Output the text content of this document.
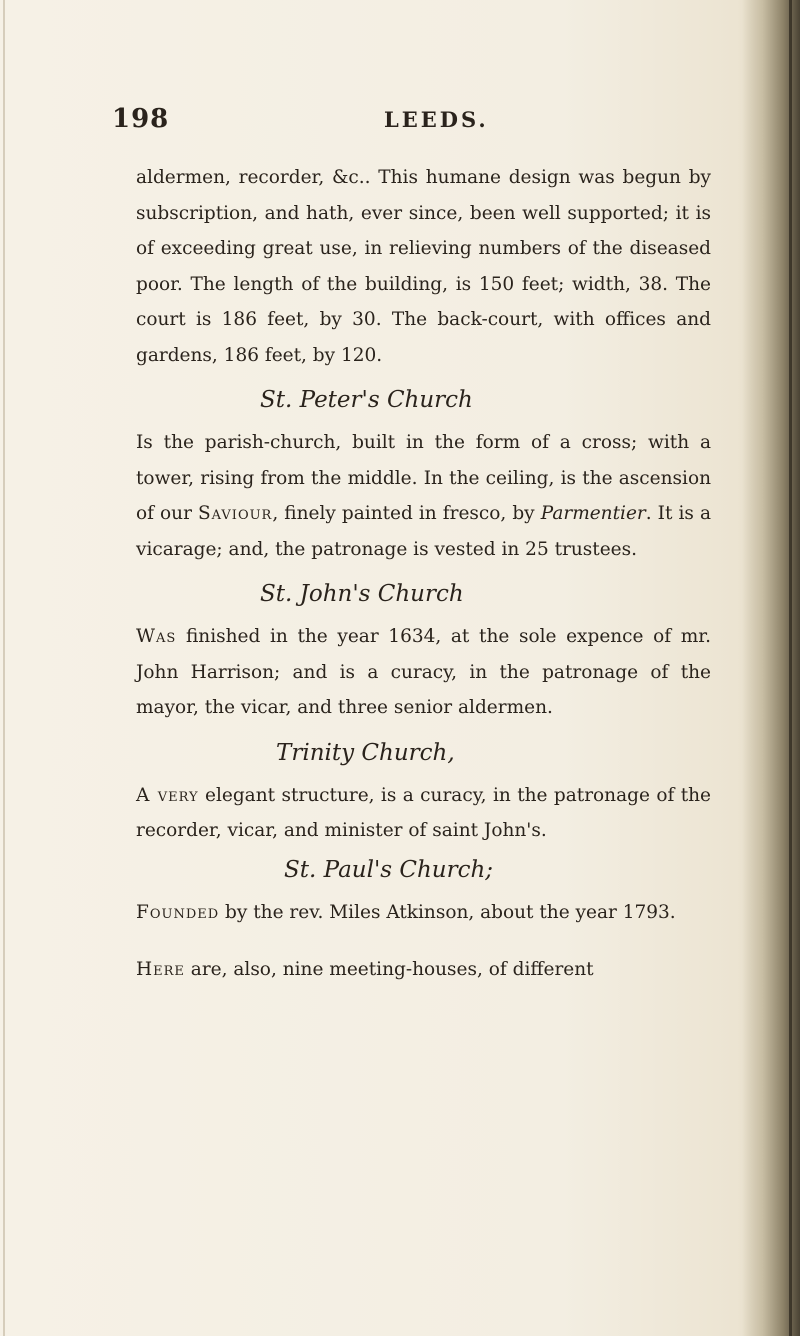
198	LEEDS.

aldermen, recorder, &c.. This humane design was begun by subscription, and hath, ever since, been well supported; it is of exceeding great use, in relieving numbers of the diseased poor. The length of the building, is 150 feet; width, 38. The court is 186 feet, by 30. The back-court, with offices and gardens, 186 feet, by 120.

St. Peter's Church

Is the parish-church, built in the form of a cross; with a tower, rising from the middle. In the ceiling, is the ascension of our Saviour, finely painted in fresco, by Parmentier. It is a vicarage; and, the patronage is vested in 25 trustees.

St. John's Church

Was finished in the year 1634, at the sole expence of mr. John Harrison; and is a curacy, in the patronage of the mayor, the vicar, and three senior aldermen.

Trinity Church,

A very elegant structure, is a curacy, in the patronage of the recorder, vicar, and minister of saint John's.

St. Paul's Church;

Founded by the rev. Miles Atkinson, about the year 1793.

Here are, also, nine meeting-houses, of different
